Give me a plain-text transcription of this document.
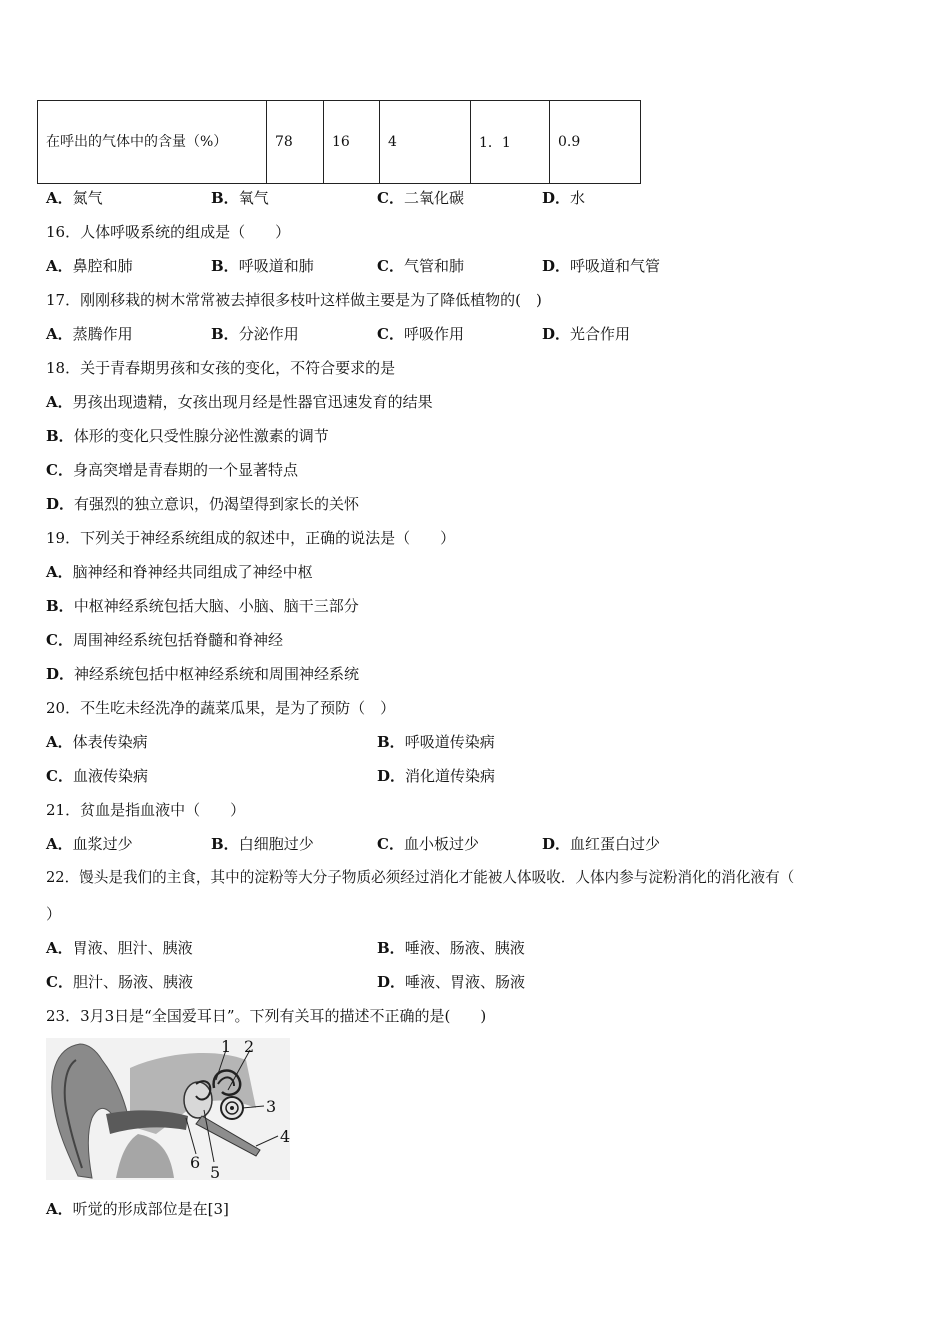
在呼出的气体中的含量（%）	78	16	4	1．1	0.9
A．氮气	B．氧气	C．二氧化碳	D．水
16．人体呼吸系统的组成是（　　）
A．鼻腔和肺	B．呼吸道和肺	C．气管和肺	D．呼吸道和气管
17．刚刚移栽的树木常常被去掉很多枝叶这样做主要是为了降低植物的(　)
A．蒸腾作用	B．分泌作用	C．呼吸作用	D．光合作用
18．关于青春期男孩和女孩的变化，不符合要求的是
A．男孩出现遗精，女孩出现月经是性器官迅速发育的结果
B．体形的变化只受性腺分泌性激素的调节
C．身高突增是青春期的一个显著特点
D．有强烈的独立意识，仍渴望得到家长的关怀
19．下列关于神经系统组成的叙述中，正确的说法是（　　）
A．脑神经和脊神经共同组成了神经中枢
B．中枢神经系统包括大脑、小脑、脑干三部分
C．周围神经系统包括脊髓和脊神经
D．神经系统包括中枢神经系统和周围神经系统
20．不生吃未经洗净的蔬菜瓜果，是为了预防（　）
A．体表传染病	B．呼吸道传染病
C．血液传染病	D．消化道传染病
21．贫血是指血液中（　　）
A．血浆过少	B．白细胞过少	C．血小板过少	D．血红蛋白过少
22．馒头是我们的主食，其中的淀粉等大分子物质必须经过消化才能被人体吸收．人体内参与淀粉消化的消化液有（
）
A．胃液、胆汁、胰液	B．唾液、肠液、胰液
C．胆汁、肠液、胰液	D．唾液、胃液、肠液
23．3月3日是“全国爱耳日”。下列有关耳的描述不正确的是(　　)
1 2
3
4
5
6
A．听觉的形成部位是在[3]
